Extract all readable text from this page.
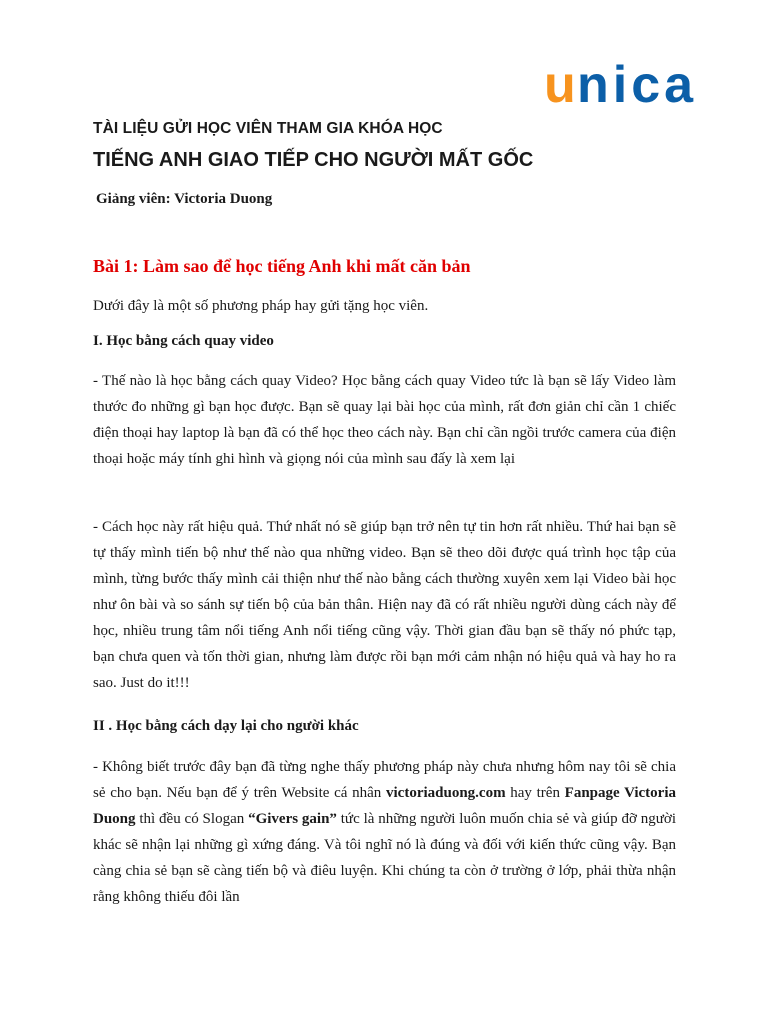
u nica
TÀI LIỆU GỬI HỌC VIÊN THAM GIA KHÓA HỌC
TIẾNG ANH GIAO TIẾP CHO NGƯỜI MẤT GỐC
Giảng viên: Victoria Duong
Bài 1: Làm sao để học tiếng Anh khi mất căn bản

Dưới đây là một số phương pháp hay gửi tặng học viên.

I. Học bằng cách quay video

- Thế nào là học bằng cách quay Video? Học bằng cách quay Video tức là bạn sẽ lấy Video làm thước đo những gì bạn học được. Bạn sẽ quay lại bài học của mình, rất đơn giản chỉ cần 1 chiếc điện thoại hay laptop là bạn đã có thể học theo cách này. Bạn chỉ cần ngồi trước camera của điện thoại hoặc máy tính ghi hình và giọng nói của mình sau đấy là xem lại

- Cách học này rất hiệu quả. Thứ nhất nó sẽ giúp bạn trở nên tự tin hơn rất nhiều. Thứ hai bạn sẽ tự thấy mình tiến bộ như thế nào qua những video. Bạn sẽ theo dõi được quá trình học tập của mình, từng bước thấy mình cải thiện như thế nào bằng cách thường xuyên xem lại Video bài học như ôn bài và so sánh sự tiến bộ của bản thân. Hiện nay đã có rất nhiều người dùng cách này để học, nhiều trung tâm nổi tiếng Anh nổi tiếng cũng vậy. Thời gian đầu bạn sẽ thấy nó phức tạp, bạn chưa quen và tốn thời gian, nhưng làm được rồi bạn mới cảm nhận nó hiệu quả và hay ho ra sao. Just do it!!!

II . Học bằng cách dạy lại cho người khác

- Không biết trước đây bạn đã từng nghe thấy phương pháp này chưa nhưng hôm nay tôi sẽ chia sẻ cho bạn. Nếu bạn để ý trên Website cá nhân victoriaduong.com hay trên Fanpage Victoria Duong thì đều có Slogan “Givers gain” tức là những người luôn muốn chia sẻ và giúp đỡ người khác sẽ nhận lại những gì xứng đáng. Và tôi nghĩ nó là đúng và đối với kiến thức cũng vậy. Bạn càng chia sẻ bạn sẽ càng tiến bộ và điêu luyện. Khi chúng ta còn ở trường ở lớp, phải thừa nhận rằng không thiếu đôi lần
